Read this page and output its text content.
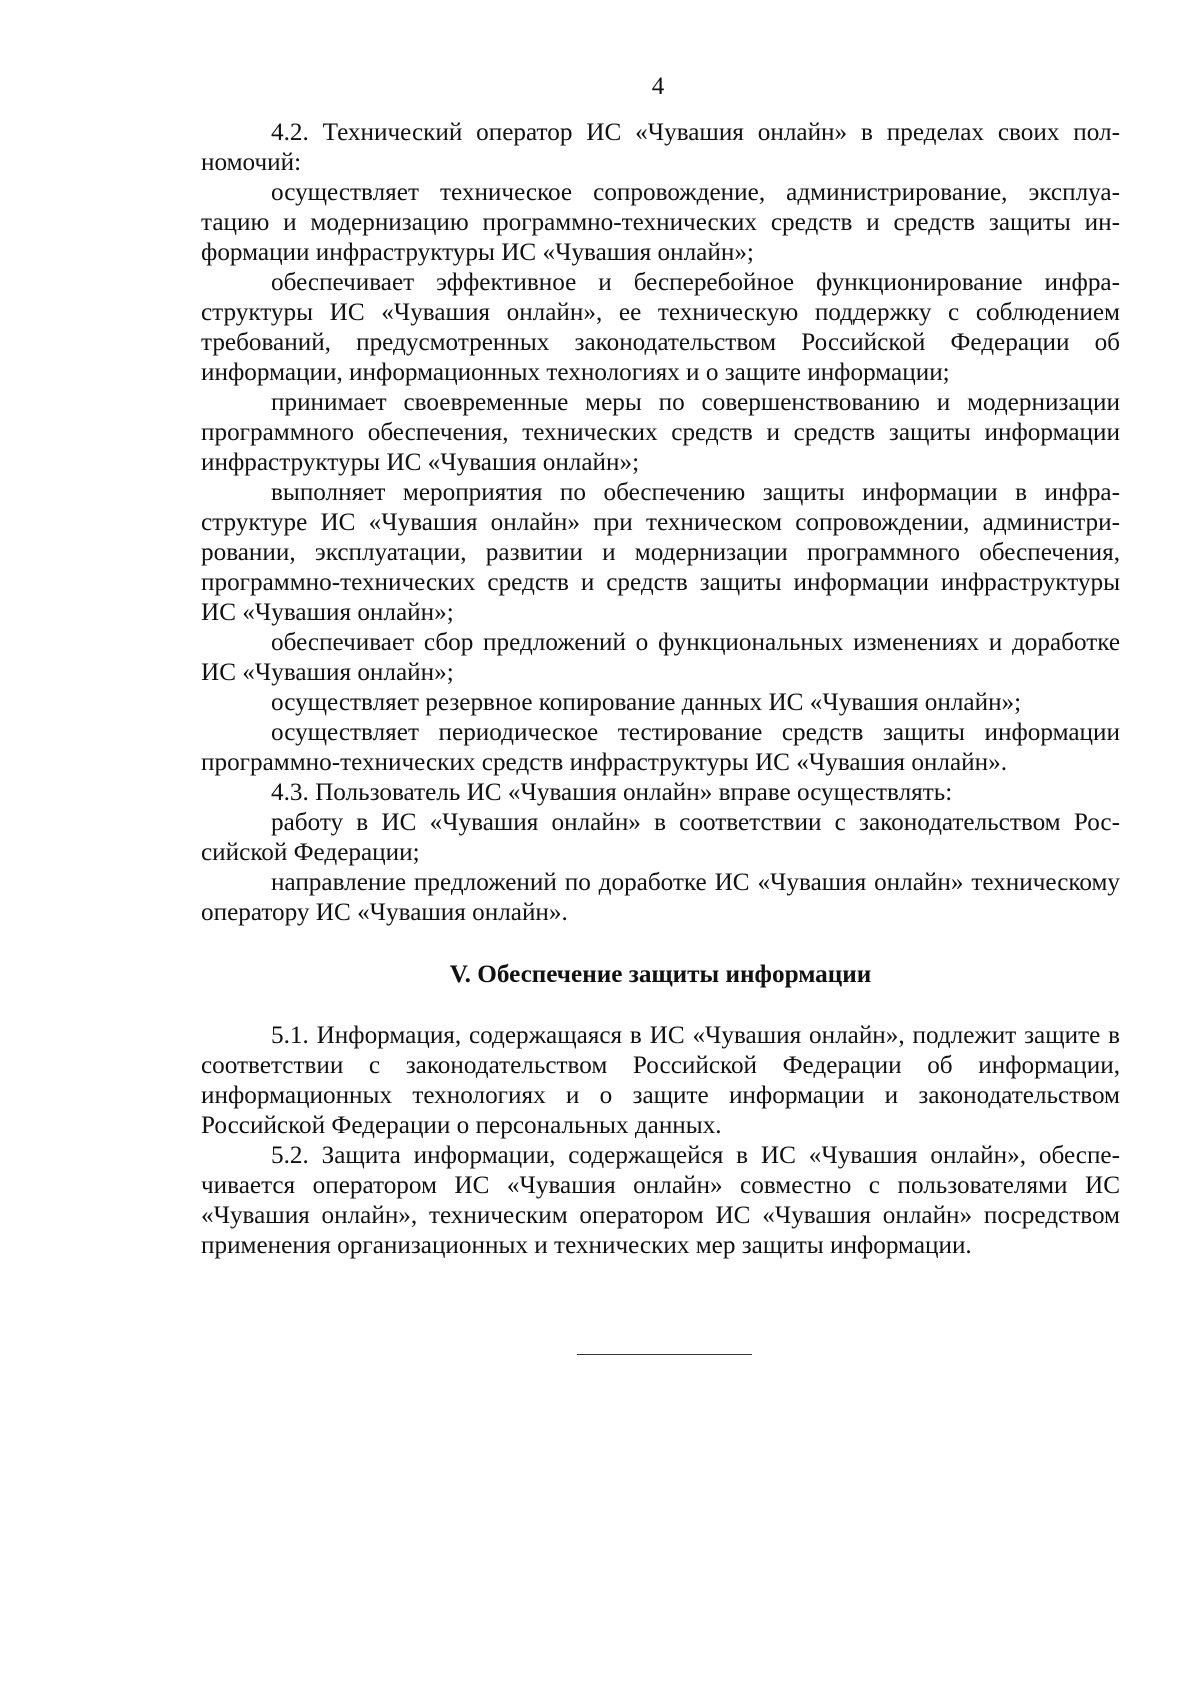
4

4.2. Технический оператор ИС «Чувашия онлайн» в пределах своих полномочий:

осуществляет техническое сопровождение, администрирование, эксплуатацию и модернизацию программно-технических средств и средств защиты информации инфраструктуры ИС «Чувашия онлайн»;

обеспечивает эффективное и бесперебойное функционирование инфраструктуры ИС «Чувашия онлайн», ее техническую поддержку с соблюдением требований, предусмотренных законодательством Российской Федерации об информации, информационных технологиях и о защите информации;

принимает своевременные меры по совершенствованию и модернизации программного обеспечения, технических средств и средств защиты информации инфраструктуры ИС «Чувашия онлайн»;

выполняет мероприятия по обеспечению защиты информации в инфраструктуре ИС «Чувашия онлайн» при техническом сопровождении, администрировании, эксплуатации, развитии и модернизации программного обеспечения, программно-технических средств и средств защиты информации инфраструктуры ИС «Чувашия онлайн»;

обеспечивает сбор предложений о функциональных изменениях и доработке ИС «Чувашия онлайн»;

осуществляет резервное копирование данных ИС «Чувашия онлайн»;

осуществляет периодическое тестирование средств защиты информации программно-технических средств инфраструктуры ИС «Чувашия онлайн».

4.3. Пользователь ИС «Чувашия онлайн» вправе осуществлять:

работу в ИС «Чувашия онлайн» в соответствии с законодательством Российской Федерации;

направление предложений по доработке ИС «Чувашия онлайн» техническому оператору ИС «Чувашия онлайн».

V. Обеспечение защиты информации

5.1. Информация, содержащаяся в ИС «Чувашия онлайн», подлежит защите в соответствии с законодательством Российской Федерации об информации, информационных технологиях и о защите информации и законодательством Российской Федерации о персональных данных.

5.2. Защита информации, содержащейся в ИС «Чувашия онлайн», обеспечивается оператором ИС «Чувашия онлайн» совместно с пользователями ИС «Чувашия онлайн», техническим оператором ИС «Чувашия онлайн» посредством применения организационных и технических мер защиты информации.
